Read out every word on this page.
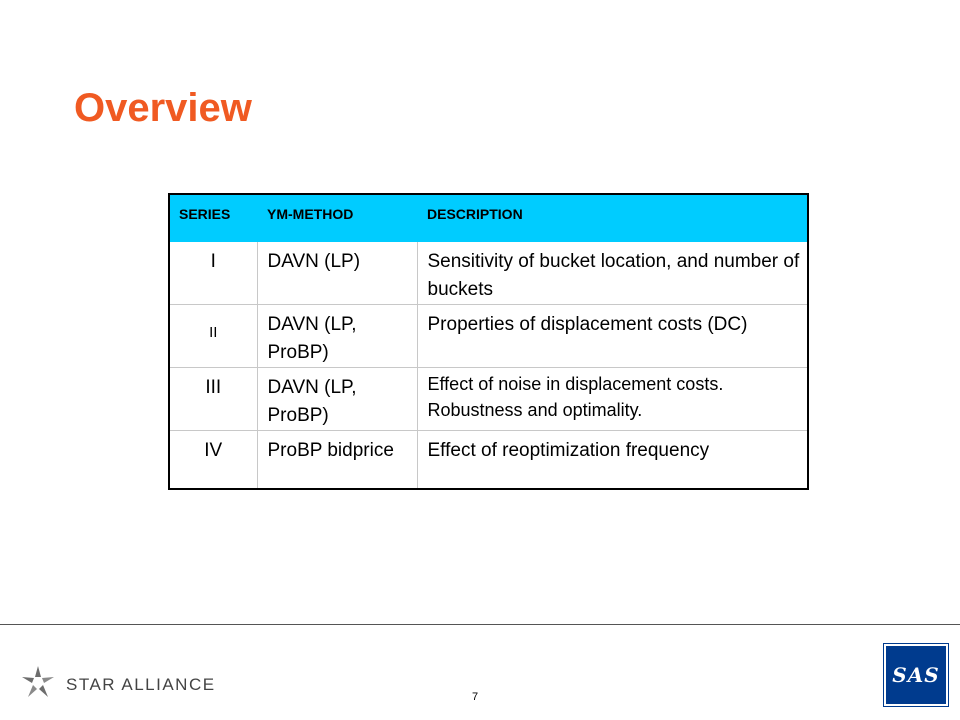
Overview
SERIES	YM-METHOD	DESCRIPTION
I	DAVN (LP)	Sensitivity of bucket location, and number of buckets
II	DAVN (LP, ProBP)	Properties of displacement costs (DC)
III	DAVN (LP, ProBP)	Effect of noise in displacement costs. Robustness and optimality.
IV	ProBP bidprice	Effect of reoptimization frequency
STAR ALLIANCE
7
SAS
